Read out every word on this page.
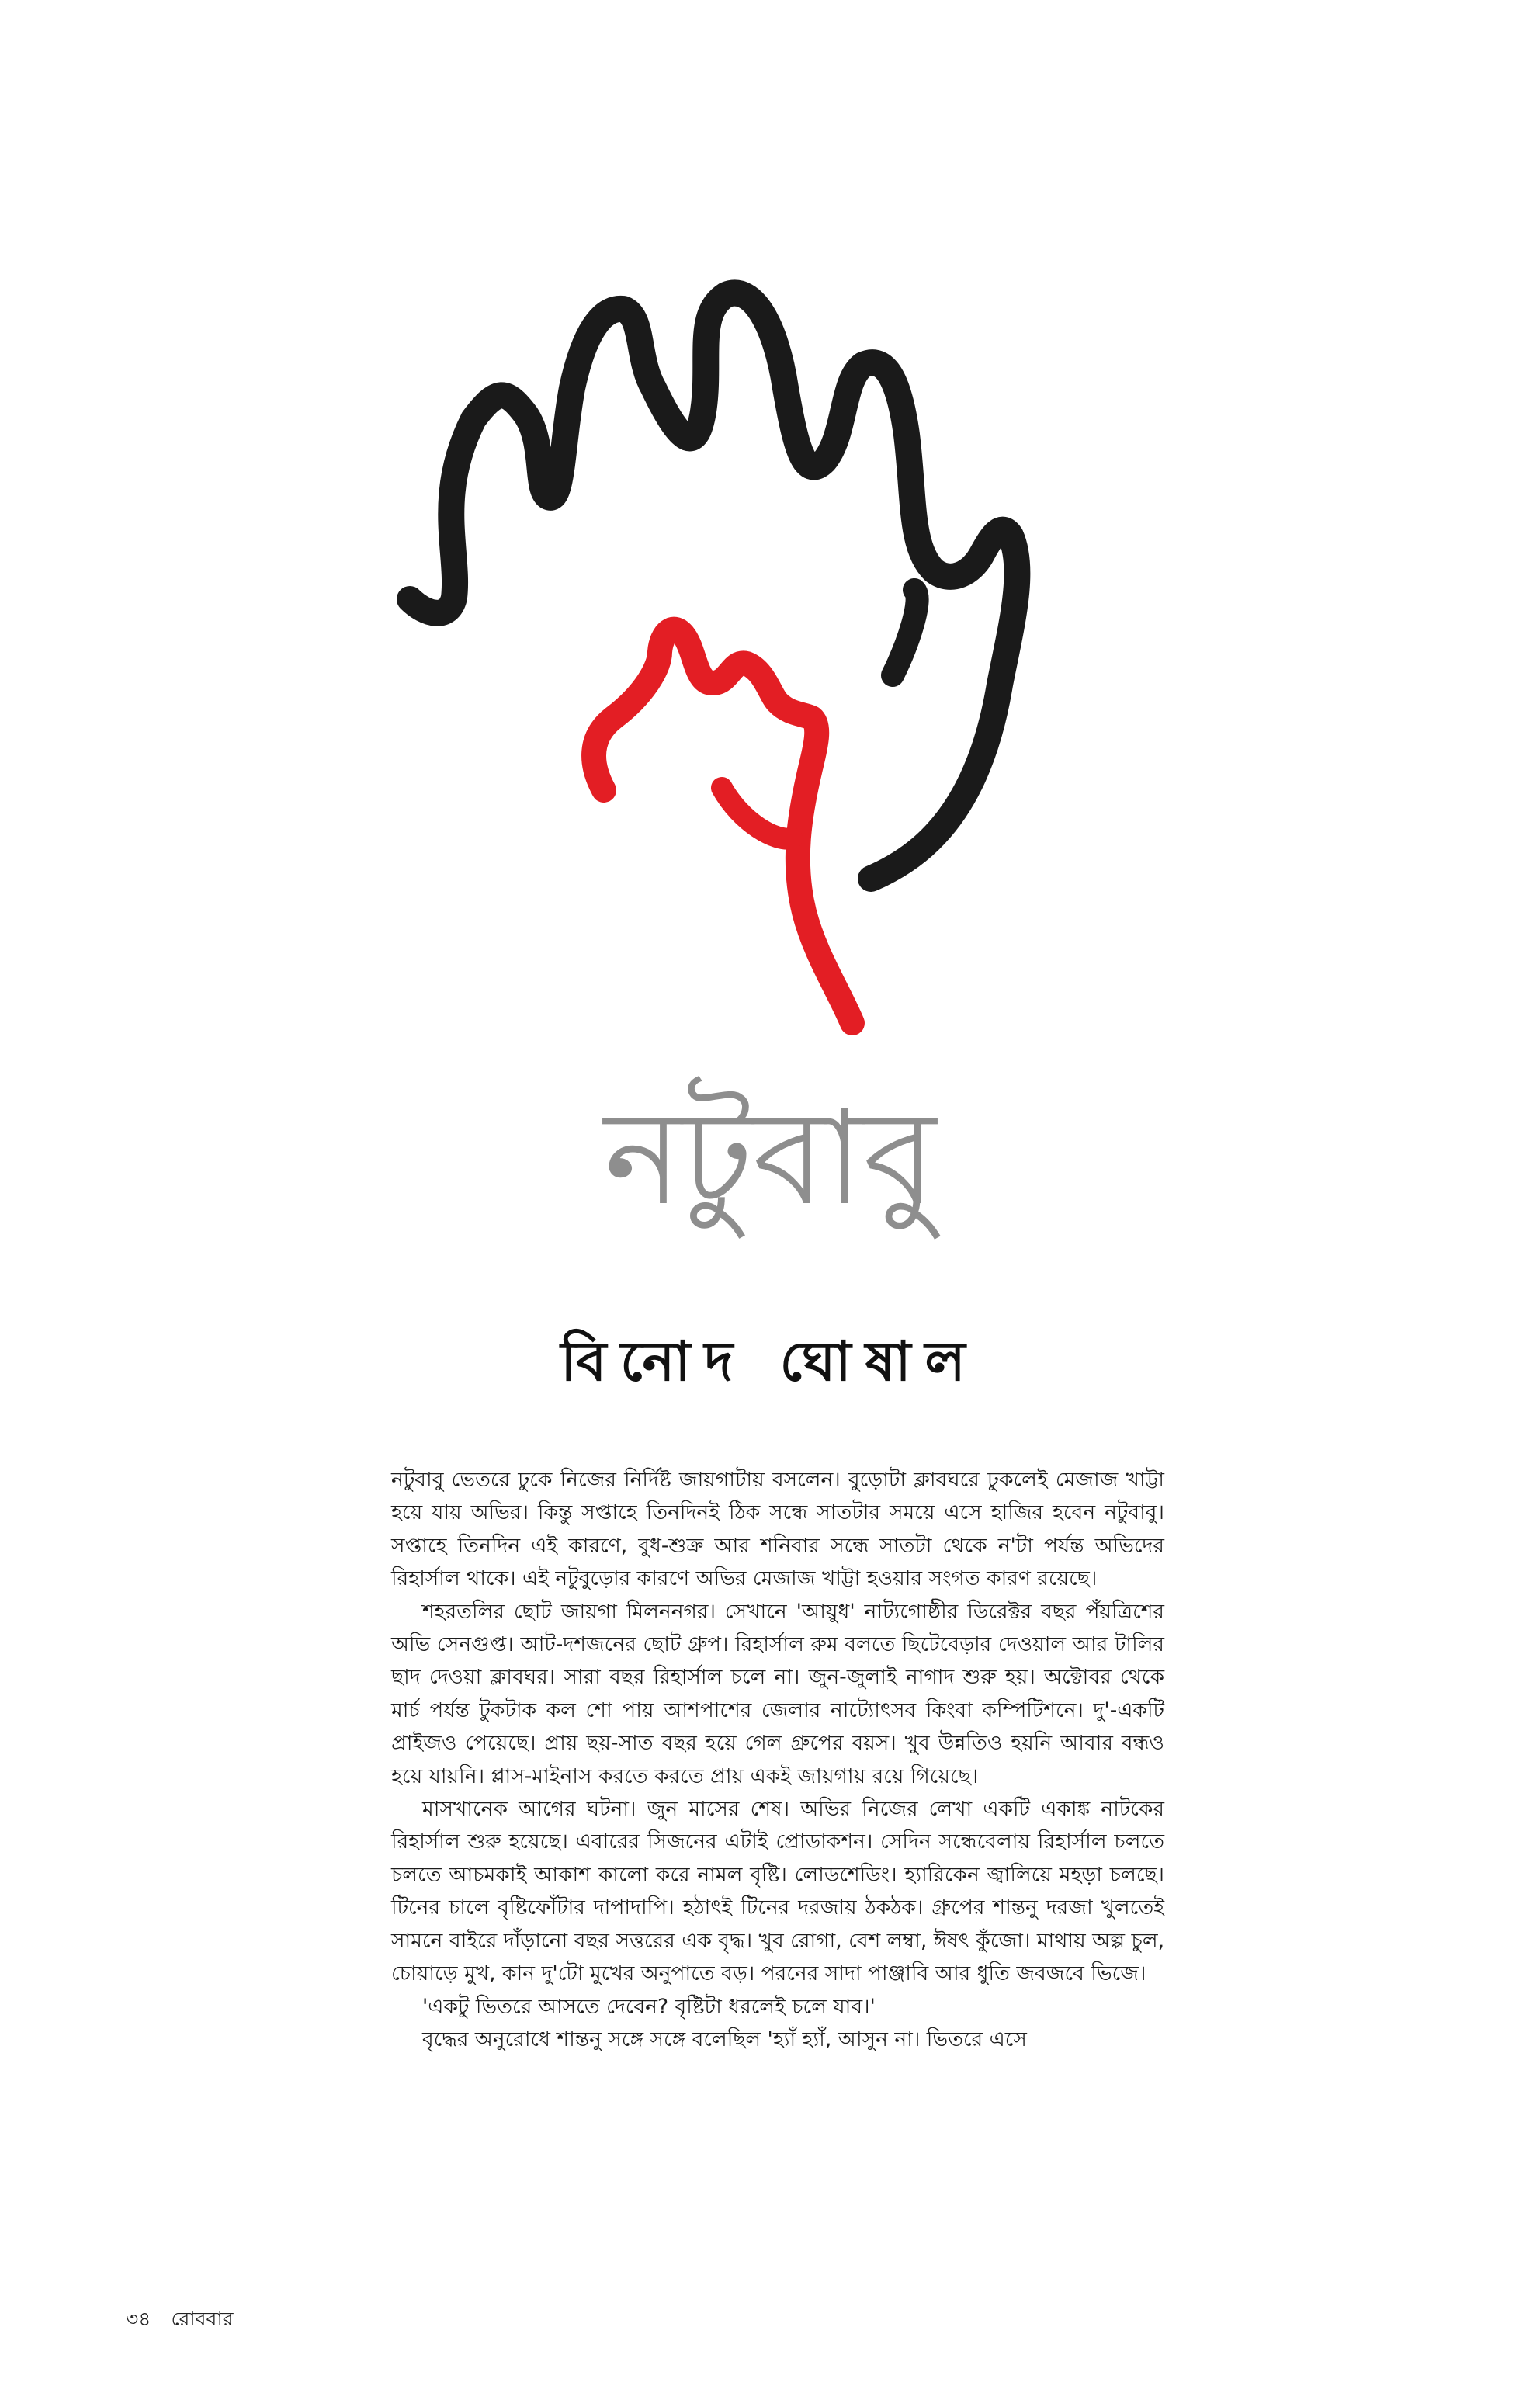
নটুবাবু
বিনোদ ঘোষাল

নটুবাবু ভেতরে ঢুকে নিজের নির্দিষ্ট জায়গাটায় বসলেন। বুড়োটা ক্লাবঘরে ঢুকলেই মেজাজ খাট্টা হয়ে যায় অভির। কিন্তু সপ্তাহে তিনদিনই ঠিক সন্ধে সাতটার সময়ে এসে হাজির হবেন নটুবাবু। সপ্তাহে তিনদিন এই কারণে, বুধ-শুক্র আর শনিবার সন্ধে সাতটা থেকে ন'টা পর্যন্ত অভিদের রিহার্সাল থাকে। এই নটুবুড়োর কারণে অভির মেজাজ খাট্টা হওয়ার সংগত কারণ রয়েছে।

শহরতলির ছোট জায়গা মিলননগর। সেখানে 'আয়ুধ' নাট্যগোষ্ঠীর ডিরেক্টর বছর পঁয়ত্রিশের অভি সেনগুপ্ত। আট-দশজনের ছোট গ্রুপ। রিহার্সাল রুম বলতে ছিটেবেড়ার দেওয়াল আর টালির ছাদ দেওয়া ক্লাবঘর। সারা বছর রিহার্সাল চলে না। জুন-জুলাই নাগাদ শুরু হয়। অক্টোবর থেকে মার্চ পর্যন্ত টুকটাক কল শো পায় আশপাশের জেলার নাট্যোৎসব কিংবা কম্পিটিশনে। দু'-একটি প্রাইজও পেয়েছে। প্রায় ছয়-সাত বছর হয়ে গেল গ্রুপের বয়স। খুব উন্নতিও হয়নি আবার বন্ধও হয়ে যায়নি। প্লাস-মাইনাস করতে করতে প্রায় একই জায়গায় রয়ে গিয়েছে।

মাসখানেক আগের ঘটনা। জুন মাসের শেষ। অভির নিজের লেখা একটি একাঙ্ক নাটকের রিহার্সাল শুরু হয়েছে। এবারের সিজনের এটাই প্রোডাকশন। সেদিন সন্ধেবেলায় রিহার্সাল চলতে চলতে আচমকাই আকাশ কালো করে নামল বৃষ্টি। লোডশেডিং। হ্যারিকেন জ্বালিয়ে মহড়া চলছে। টিনের চালে বৃষ্টিফোঁটার দাপাদাপি। হঠাৎই টিনের দরজায় ঠকঠক। গ্রুপের শান্তনু দরজা খুলতেই সামনে বাইরে দাঁড়ানো বছর সত্তরের এক বৃদ্ধ। খুব রোগা, বেশ লম্বা, ঈষৎ কুঁজো। মাথায় অল্প চুল, চোয়াড়ে মুখ, কান দু'টো মুখের অনুপাতে বড়। পরনের সাদা পাঞ্জাবি আর ধুতি জবজবে ভিজে।

'একটু ভিতরে আসতে দেবেন? বৃষ্টিটা ধরলেই চলে যাব।'

বৃদ্ধের অনুরোধে শান্তনু সঙ্গে সঙ্গে বলেছিল 'হ্যাঁ হ্যাঁ, আসুন না। ভিতরে এসে

৩৪ রোববার
